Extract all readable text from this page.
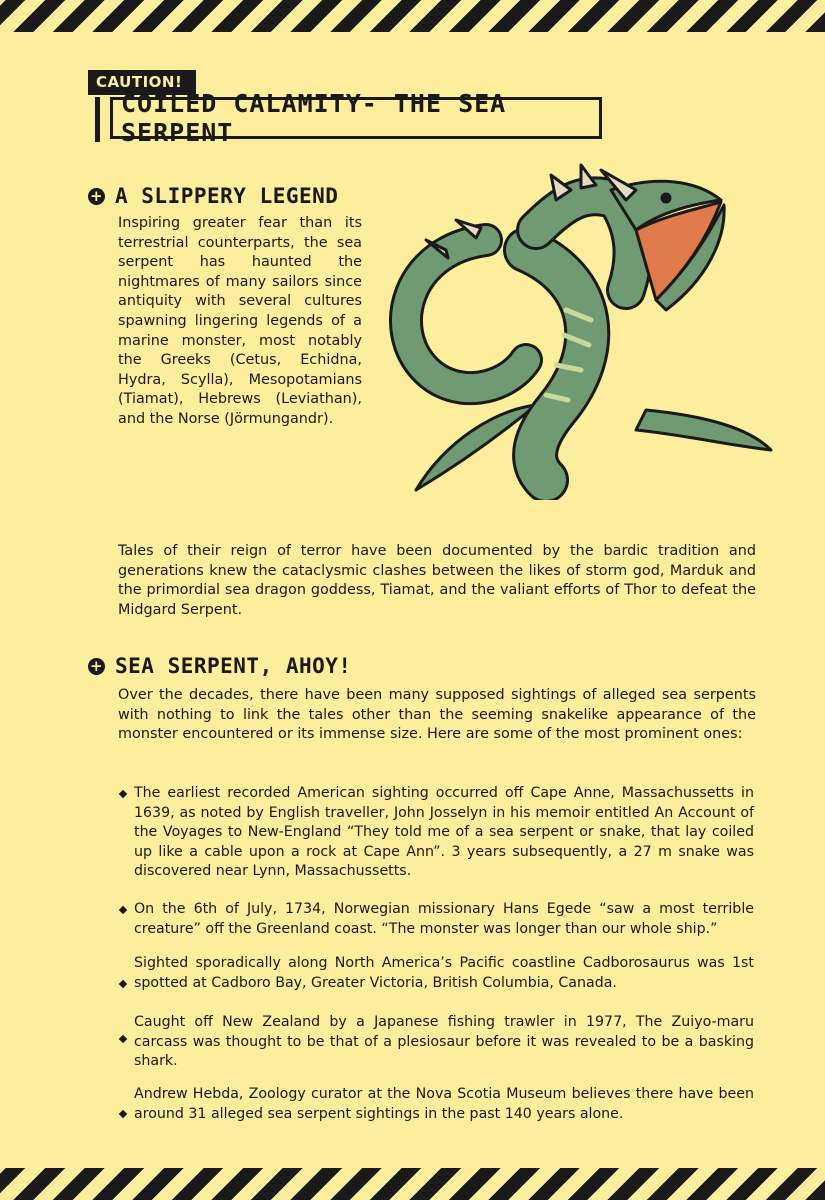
CAUTION!
COILED CALAMITY- THE SEA SERPENT
+ A SLIPPERY LEGEND
Inspiring greater fear than its terrestrial counterparts, the sea serpent has haunted the nightmares of many sailors since antiquity with several cultures spawning lingering legends of a marine monster, most notably the Greeks (Cetus, Echidna, Hydra, Scylla), Mesopotamians (Tiamat), Hebrews (Leviathan), and the Norse (Jörmungandr).
Tales of their reign of terror have been documented by the bardic tradition and generations knew the cataclysmic clashes between the likes of storm god, Marduk and the primordial sea dragon goddess, Tiamat, and the valiant efforts of Thor to defeat the Midgard Serpent.
+ SEA SERPENT, AHOY!
Over the decades, there have been many supposed sightings of alleged sea serpents with nothing to link the tales other than the seeming snakelike appearance of the monster encountered or its immense size. Here are some of the most prominent ones:
The earliest recorded American sighting occurred off Cape Anne, Massachussetts in 1639, as noted by English traveller, John Josselyn in his memoir entitled An Account of the Voyages to New-England “They told me of a sea serpent or snake, that lay coiled up like a cable upon a rock at Cape Ann”. 3 years subsequently, a 27 m snake was discovered near Lynn, Massachussetts.
On the 6th of July, 1734, Norwegian missionary Hans Egede “saw a most terrible creature” off the Greenland coast. “The monster was longer than our whole ship.”
Sighted sporadically along North America’s Pacific coastline Cadborosaurus was 1st spotted at Cadboro Bay, Greater Victoria, British Columbia, Canada.
Caught off New Zealand by a Japanese fishing trawler in 1977, The Zuiyo-maru carcass was thought to be that of a plesiosaur before it was revealed to be a basking shark.
Andrew Hebda, Zoology curator at the Nova Scotia Museum believes there have been around 31 alleged sea serpent sightings in the past 140 years alone.
